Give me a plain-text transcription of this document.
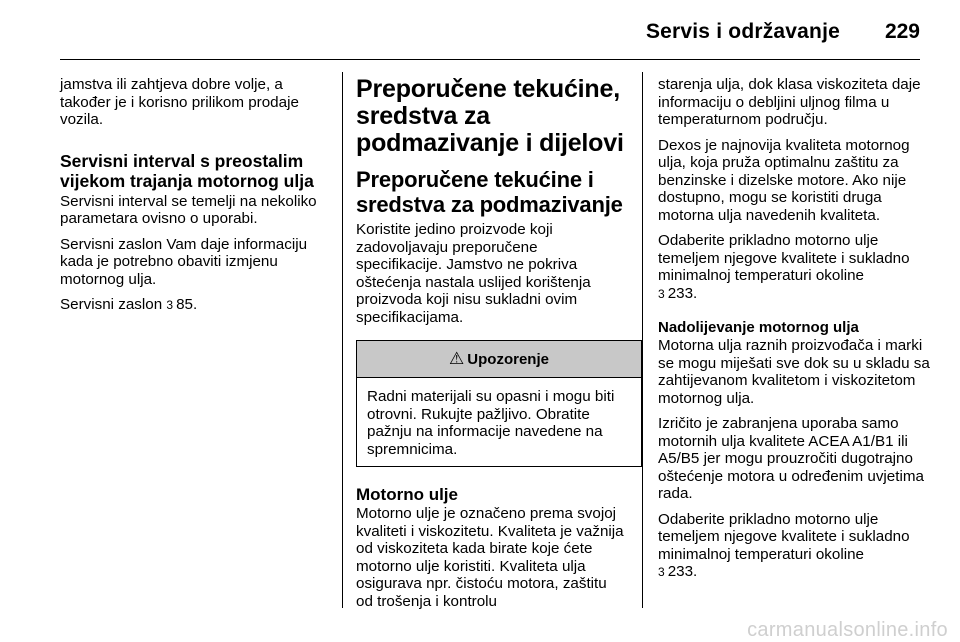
Servis i održavanje 229

jamstva ili zahtjeva dobre volje, a također je i korisno prilikom prodaje vozila.

Servisni interval s preostalim vijekom trajanja motornog ulja

Servisni interval se temelji na nekoliko parametara ovisno o uporabi.

Servisni zaslon Vam daje informaciju kada je potrebno obaviti izmjenu motornog ulja.

Servisni zaslon 3 85.

Preporučene tekućine, sredstva za podmazivanje i dijelovi
Preporučene tekućine i sredstva za podmazivanje

Koristite jedino proizvode koji zadovoljavaju preporučene specifikacije. Jamstvo ne pokriva oštećenja nastala uslijed korištenja proizvoda koji nisu sukladni ovim specifikacijama.

⚠ Upozorenje

Radni materijali su opasni i mogu biti otrovni. Rukujte pažljivo. Obratite pažnju na informacije navedene na spremnicima.

Motorno ulje

Motorno ulje je označeno prema svojoj kvaliteti i viskozitetu. Kvaliteta je važnija od viskoziteta kada birate koje ćete motorno ulje koristiti. Kvaliteta ulja osigurava npr. čistoću motora, zaštitu od trošenja i kontrolu

starenja ulja, dok klasa viskoziteta daje informaciju o debljini uljnog filma u temperaturnom području.

Dexos je najnovija kvaliteta motornog ulja, koja pruža optimalnu zaštitu za benzinske i dizelske motore. Ako nije dostupno, mogu se koristiti druga motorna ulja navedenih kvaliteta.

Odaberite prikladno motorno ulje temeljem njegove kvalitete i sukladno minimalnoj temperaturi okoline
3 233.

Nadolijevanje motornog ulja

Motorna ulja raznih proizvođača i marki se mogu miješati sve dok su u skladu sa zahtijevanom kvalitetom i viskozitetom motornog ulja.

Izričito je zabranjena uporaba samo motornih ulja kvalitete ACEA A1/B1 ili A5/B5 jer mogu prouzročiti dugotrajno oštećenje motora u određenim uvjetima rada.

Odaberite prikladno motorno ulje temeljem njegove kvalitete i sukladno minimalnoj temperaturi okoline
3 233.

carmanualsonline.info
